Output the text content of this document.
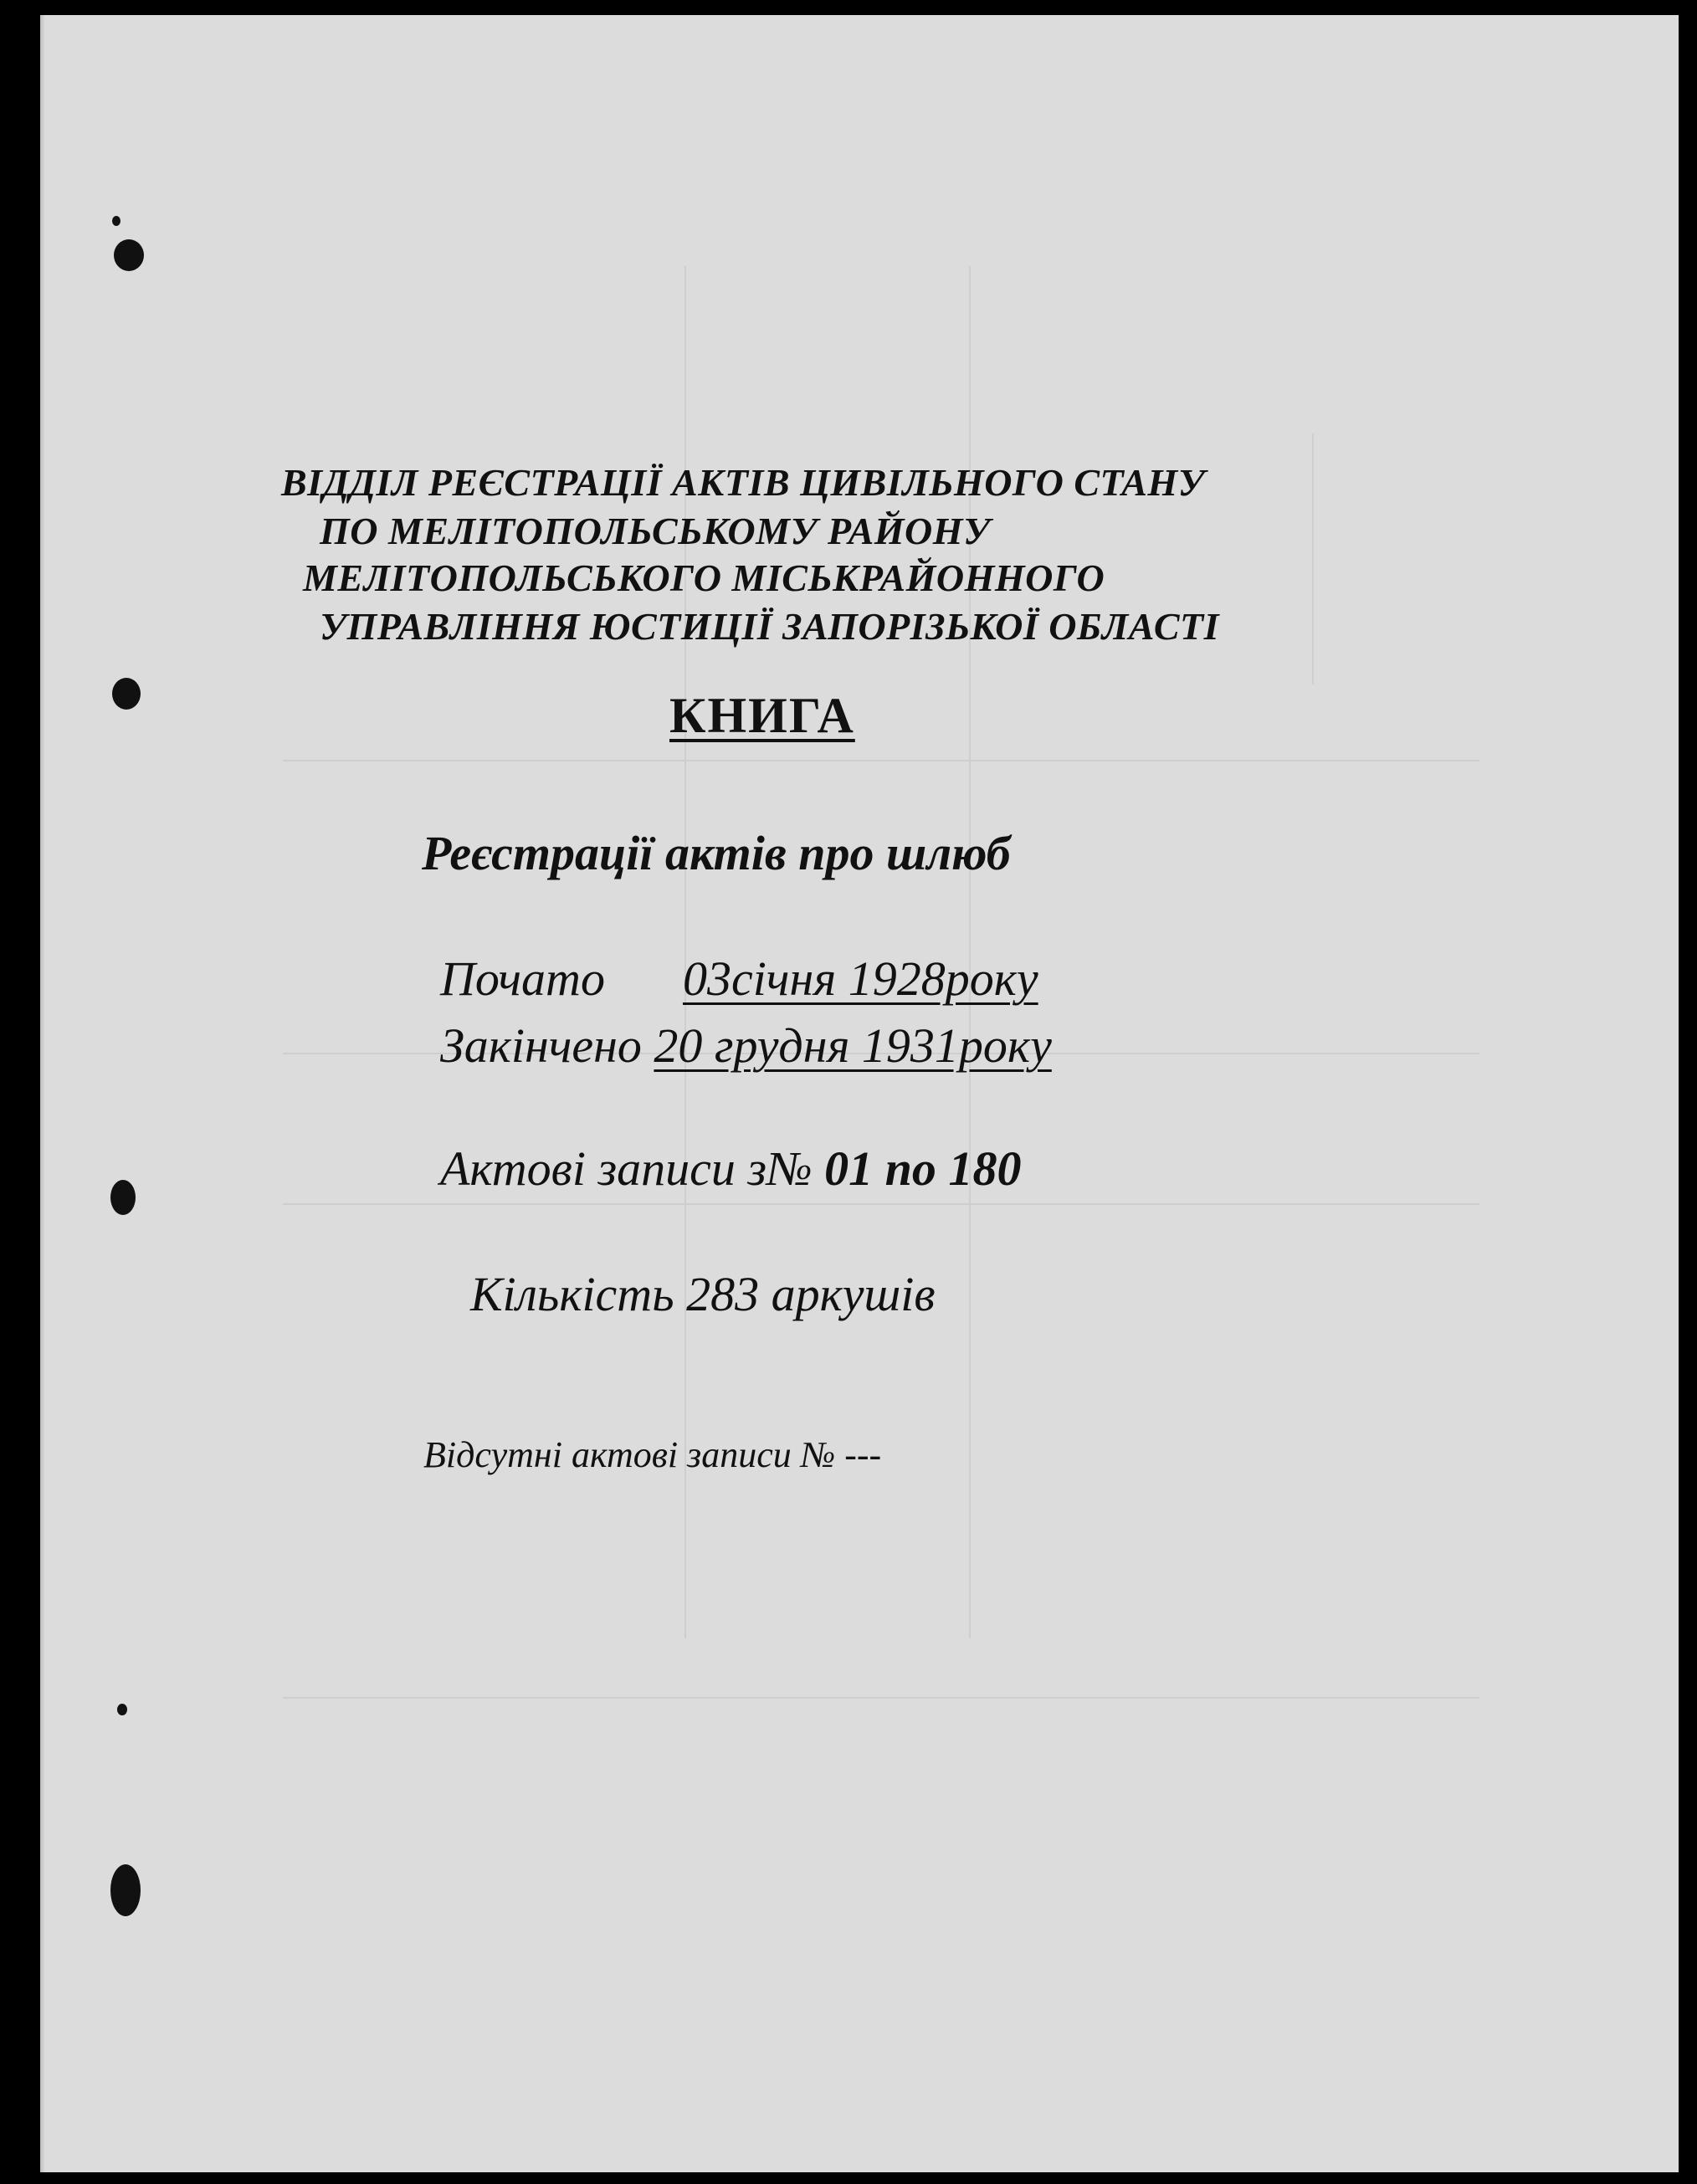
ВІДДІЛ РЕЄСТРАЦІЇ АКТІВ ЦИВІЛЬНОГО СТАНУ
ПО МЕЛІТОПОЛЬСЬКОМУ РАЙОНУ
МЕЛІТОПОЛЬСЬКОГО МІСЬКРАЙОННОГО
УПРАВЛІННЯ ЮСТИЦІЇ ЗАПОРІЗЬКОЇ ОБЛАСТІ
КНИГА
Реєстрації актів про шлюб
Почато 03січня 1928року
Закінчено 20 грудня 1931року
Актові записи з№ 01 по 180
Кількість 283 аркушів
Відсутні актові записи № ---
